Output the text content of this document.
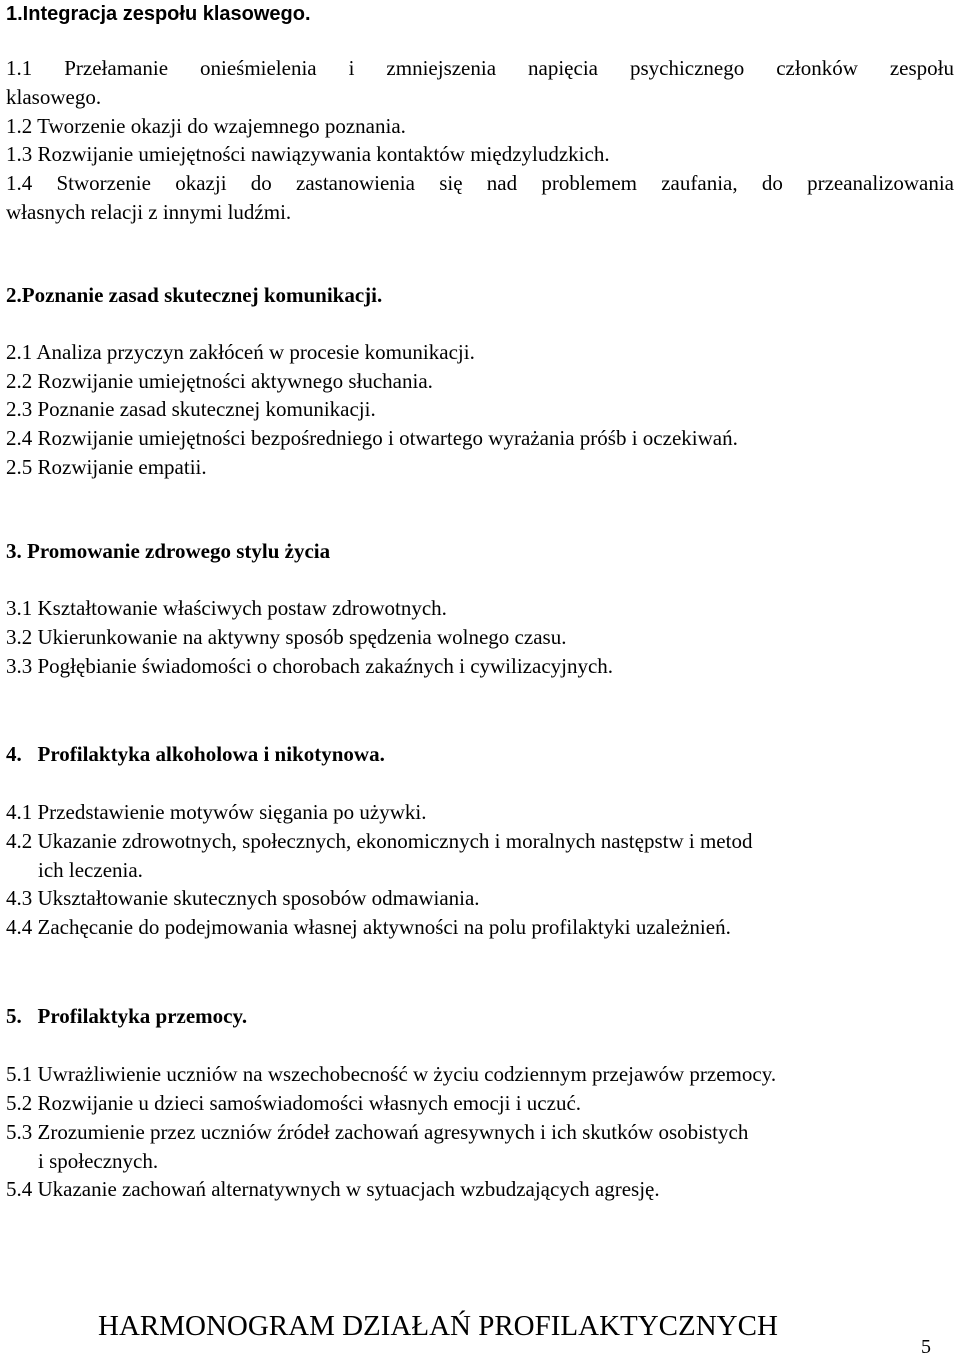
1.Integracja zespołu klasowego.
1.1 Przełamanie onieśmielenia i zmniejszenia napięcia psychicznego członków zespołu
klasowego.
1.2 Tworzenie okazji do wzajemnego poznania.
1.3 Rozwijanie umiejętności nawiązywania kontaktów międzyludzkich.
1.4 Stworzenie okazji do zastanowienia się nad problemem zaufania, do przeanalizowania
własnych relacji z innymi ludźmi.
2.Poznanie zasad skutecznej komunikacji.
2.1 Analiza przyczyn zakłóceń w procesie komunikacji.
2.2 Rozwijanie umiejętności aktywnego słuchania.
2.3 Poznanie zasad skutecznej komunikacji.
2.4 Rozwijanie umiejętności bezpośredniego i otwartego wyrażania próśb i oczekiwań.
2.5 Rozwijanie empatii.
3. Promowanie zdrowego stylu życia
3.1 Kształtowanie właściwych postaw zdrowotnych.
3.2 Ukierunkowanie na aktywny sposób spędzenia wolnego czasu.
3.3 Pogłębianie świadomości o chorobach zakaźnych i cywilizacyjnych.
4.   Profilaktyka alkoholowa i nikotynowa.
4.1 Przedstawienie motywów sięgania po używki.
4.2 Ukazanie zdrowotnych, społecznych, ekonomicznych i moralnych następstw i metod
ich leczenia.
4.3 Ukształtowanie skutecznych sposobów odmawiania.
4.4 Zachęcanie do podejmowania własnej aktywności na polu profilaktyki uzależnień.
5.   Profilaktyka przemocy.
5.1 Uwrażliwienie uczniów na wszechobecność w życiu codziennym przejawów przemocy.
5.2 Rozwijanie u dzieci samoświadomości własnych emocji i uczuć.
5.3 Zrozumienie przez uczniów źródeł zachowań agresywnych i ich skutków osobistych
i społecznych.
5.4 Ukazanie zachowań alternatywnych w sytuacjach wzbudzających agresję.
HARMONOGRAM DZIAŁAŃ PROFILAKTYCZNYCH
5
